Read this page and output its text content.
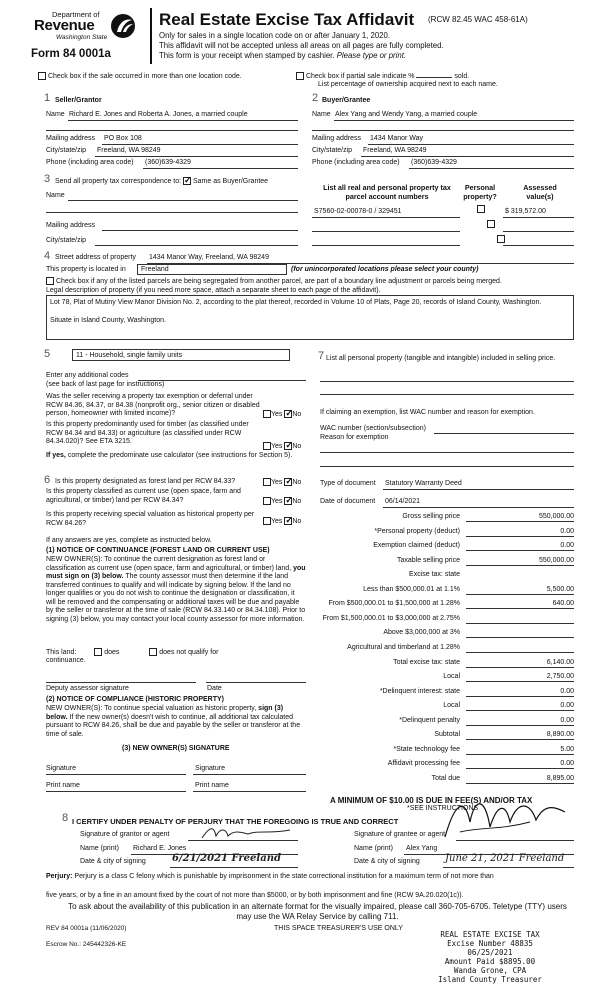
Department of
Revenue
Washington State
Form 84 0001a
Real Estate Excise Tax Affidavit (RCW 82.45 WAC 458-61A)
Only for sales in a single location code on or after January 1, 2020.
This affidavit will not be accepted unless all areas on all pages are fully completed.
This form is your receipt when stamped by cashier. Please type or print.
Check box if the sale occurred in more than one location code.	Check box if partial sale indicate %	sold.
List percentage of ownership acquired next to each name.
1 Seller/Grantor
Name Richard E. Jones and Roberta A. Jones, a married couple
Mailing address PO Box 108
City/state/zip Freeland, WA 98249
Phone (including area code) (360)639-4329
2 Buyer/Grantee
Name Alex Yang and Wendy Yang, a married couple
Mailing address 1434 Manor Way
City/state/zip Freeland, WA 98249
Phone (including area code) (360)639-4329
3 Send all property tax correspondence to: ✓ Same as Buyer/Grantee
Name
Mailing address
City/state/zip
List all real and personal property tax parcel account numbers
Personal property?
Assessed value(s)
S7560-02-00078-0 / 329451
	$ 319,572.00

4 Street address of property 1434 Manor Way, Freeland, WA 98249
This property is located in	Freeland	(for unincorporated locations please select your county)
Check box if any of the listed parcels are being segregated from another parcel, are part of a boundary line adjustment or parcels being merged.
Legal description of property (if you need more space, attach a separate sheet to each page of the affidavit).
Lot 78, Plat of Mutiny View Manor Division No. 2, according to the plat thereof, recorded in Volume 10 of Plats, Page 20, records of Island County, Washington.
Situate in Island County, Washington.
5	11 - Household, single family units
Enter any additional codes
(see back of last page for instructions)
Was the seller receiving a property tax exemption or deferral under RCW 84.36, 84.37, or 84.38 (nonprofit org., senior citizen or disabled person, homeowner with limited income)?	Yes ✓ No
Is this property predominantly used for timber (as classified under RCW 84.34 and 84.33) or agriculture (as classified under RCW 84.34.020)? See ETA 3215.
Yes ✓ No
If yes, complete the predominate use calculator (see instructions for Section 5).
6 Is this property designated as forest land per RCW 84.33?	Yes ✓ No
Is this property classified as current use (open space, farm and agricultural, or timber) land per RCW 84.34?	Yes ✓ No
Is this property receiving special valuation as historical property per RCW 84.26?	Yes ✓ No
If any answers are yes, complete as instructed below.
(1) NOTICE OF CONTINUANCE (FOREST LAND OR CURRENT USE)
NEW OWNER(S): To continue the current designation as forest land or classification as current use (open space, farm and agricultural, or timber) land, you must sign on (3) below. The county assessor must then determine if the land transferred continues to qualify and will indicate by signing below. If the land no longer qualifies or you do not wish to continue the designation or classification, it will be removed and the compensating or additional taxes will be due and payable by the seller or transferor at the time of sale (RCW 84.33.140 or 84.34.108). Prior to signing (3) below, you may contact your local county assessor for more information.
This land:	does	does not qualify for
continuance.
Deputy assessor signature	Date
(2) NOTICE OF COMPLIANCE (HISTORIC PROPERTY)
NEW OWNER(S): To continue special valuation as historic property, sign (3) below. If the new owner(s) doesn't wish to continue, all additional tax calculated pursuant to RCW 84.26, shall be due and payable by the seller or transferor at the time of sale.
(3) NEW OWNER(S) SIGNATURE
Signature	Signature
Print name	Print name
7 List all personal property (tangible and intangible) included in selling price.
If claiming an exemption, list WAC number and reason for exemption.
WAC number (section/subsection)
Reason for exemption
Type of document Statutory Warranty Deed
Date of document 06/14/2021
Gross selling price	550,000.00
*Personal property (deduct)	0.00
Exemption claimed (deduct)	0.00
Taxable selling price	550,000.00
Excise tax: state
Less than $500,000.01 at 1.1%	5,500.00
From $500,000.01 to $1,500,000 at 1.28%	640.00
From $1,500,000.01 to $3,000,000 at 2.75%
Above $3,000,000 at 3%
Agricultural and timberland at 1.28%
Total excise tax: state	6,140.00
Local	2,750.00
*Delinquent interest: state	0.00
Local	0.00
*Delinquent penalty	0.00
Subtotal	8,890.00
*State technology fee	5.00
Affidavit processing fee	0.00
Total due	8,895.00
A MINIMUM OF $10.00 IS DUE IN FEE(S) AND/OR TAX
*SEE INSTRUCTIONS
8 I CERTIFY UNDER PENALTY OF PERJURY THAT THE FOREGOING IS TRUE AND CORRECT
Signature of grantor or agent
Name (print) Richard E. Jones
Date & city of signing	6/21/2021 Freeland
Signature of grantee or agent
Name (print) Alex Yang
Date & city of signing	June 21, 2021 Freeland
Perjury: Perjury is a class C felony which is punishable by imprisonment in the state correctional institution for a maximum term of not more than
five years, or by a fine in an amount fixed by the court of not more than $5000, or by both imprisonment and fine (RCW 9A.20.020(1c)).
To ask about the availability of this publication in an alternate format for the visually impaired, please call 360-705-6705. Teletype (TTY) users may use the WA Relay Service by calling 711.
REV 84 0001a (11/06/2020)	THIS SPACE TREASURER'S USE ONLY
Escrow No.: 245442326-KE
REAL ESTATE EXCISE TAX
Excise Number 48835
06/25/2021
Amount Paid $8895.00
Wanda Grone, CPA
Island County Treasurer
